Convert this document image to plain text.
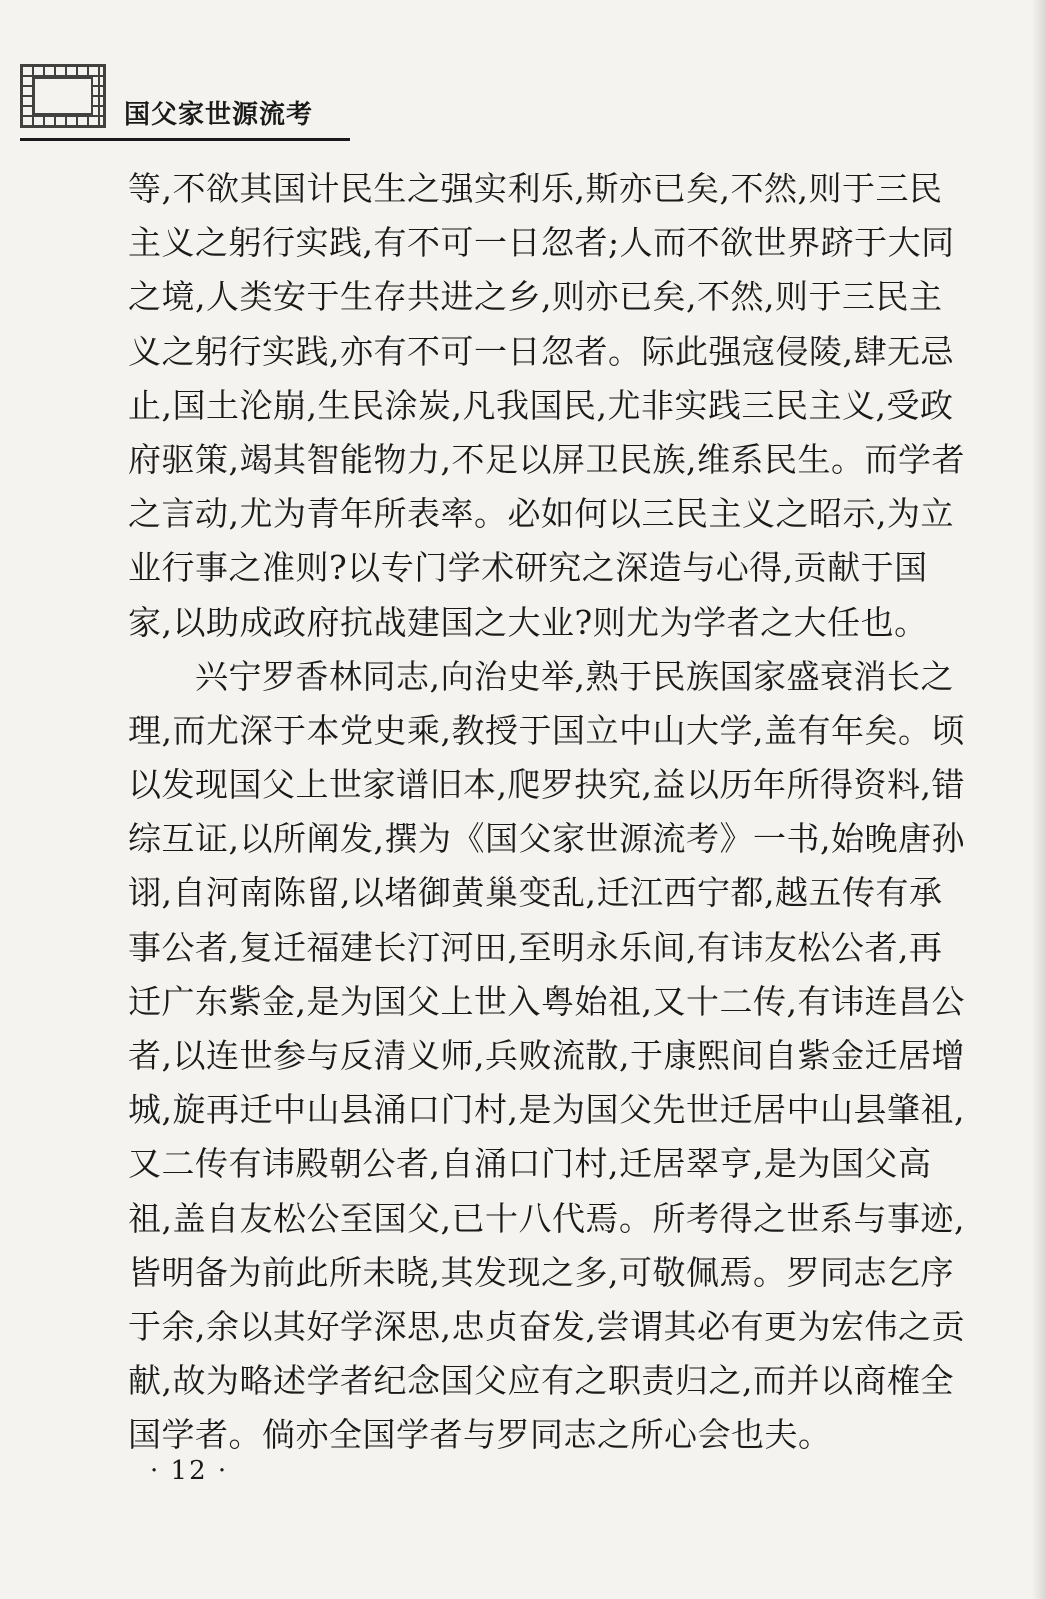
国父家世源流考
等,不欲其国计民生之强实利乐,斯亦已矣,不然,则于三民
主义之躬行实践,有不可一日忽者;人而不欲世界跻于大同
之境,人类安于生存共进之乡,则亦已矣,不然,则于三民主
义之躬行实践,亦有不可一日忽者。际此强寇侵陵,肆无忌
止,国土沦崩,生民涂炭,凡我国民,尤非实践三民主义,受政
府驱策,竭其智能物力,不足以屏卫民族,维系民生。而学者
之言动,尤为青年所表率。必如何以三民主义之昭示,为立
业行事之准则?以专门学术研究之深造与心得,贡献于国
家,以助成政府抗战建国之大业?则尤为学者之大任也。
　　兴宁罗香林同志,向治史举,熟于民族国家盛衰消长之
理,而尤深于本党史乘,教授于国立中山大学,盖有年矣。顷
以发现国父上世家谱旧本,爬罗抉究,益以历年所得资料,错
综互证,以所阐发,撰为《国父家世源流考》一书,始晚唐孙
诩,自河南陈留,以堵御黄巢变乱,迁江西宁都,越五传有承
事公者,复迁福建长汀河田,至明永乐间,有讳友松公者,再
迁广东紫金,是为国父上世入粤始祖,又十二传,有讳连昌公
者,以连世参与反清义师,兵败流散,于康熙间自紫金迁居增
城,旋再迁中山县涌口门村,是为国父先世迁居中山县肇祖,
又二传有讳殿朝公者,自涌口门村,迁居翠亨,是为国父高
祖,盖自友松公至国父,已十八代焉。所考得之世系与事迹,
皆明备为前此所未晓,其发现之多,可敬佩焉。罗同志乞序
于余,余以其好学深思,忠贞奋发,尝谓其必有更为宏伟之贡
献,故为略述学者纪念国父应有之职责归之,而并以商榷全
国学者。倘亦全国学者与罗同志之所心会也夫。
· 12 ·
